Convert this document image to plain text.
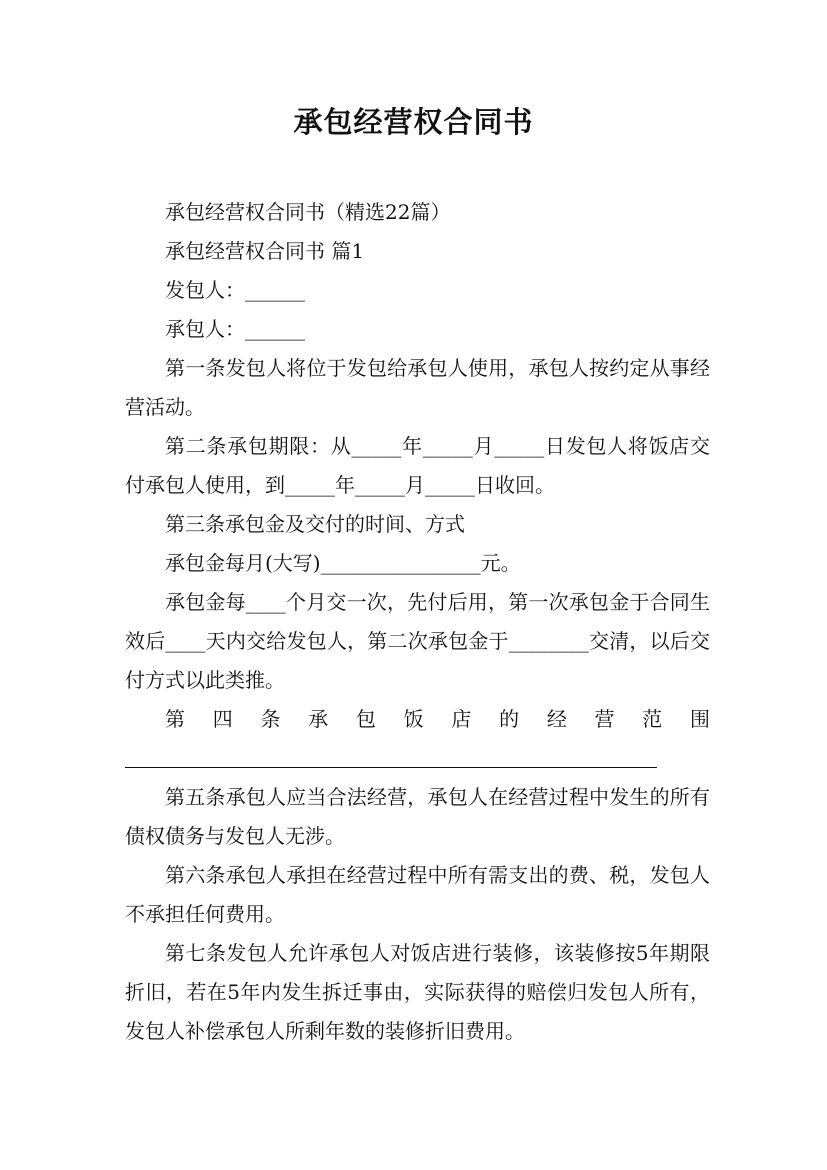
承包经营权合同书

承包经营权合同书（精选22篇）

承包经营权合同书 篇1

发包人：______

承包人：______

第一条发包人将位于发包给承包人使用，承包人按约定从事经营活动。

第二条承包期限：从_____年_____月_____日发包人将饭店交付承包人使用，到_____年_____月_____日收回。

第三条承包金及交付的时间、方式

承包金每月(大写)________________元。

承包金每____个月交一次，先付后用，第一次承包金于合同生效后____天内交给发包人，第二次承包金于________交清，以后交付方式以此类推。

第四条承包饭店的经营范围

第五条承包人应当合法经营，承包人在经营过程中发生的所有债权债务与发包人无涉。

第六条承包人承担在经营过程中所有需支出的费、税，发包人不承担任何费用。

第七条发包人允许承包人对饭店进行装修，该装修按5年期限折旧，若在5年内发生拆迁事由，实际获得的赔偿归发包人所有，发包人补偿承包人所剩年数的装修折旧费用。
